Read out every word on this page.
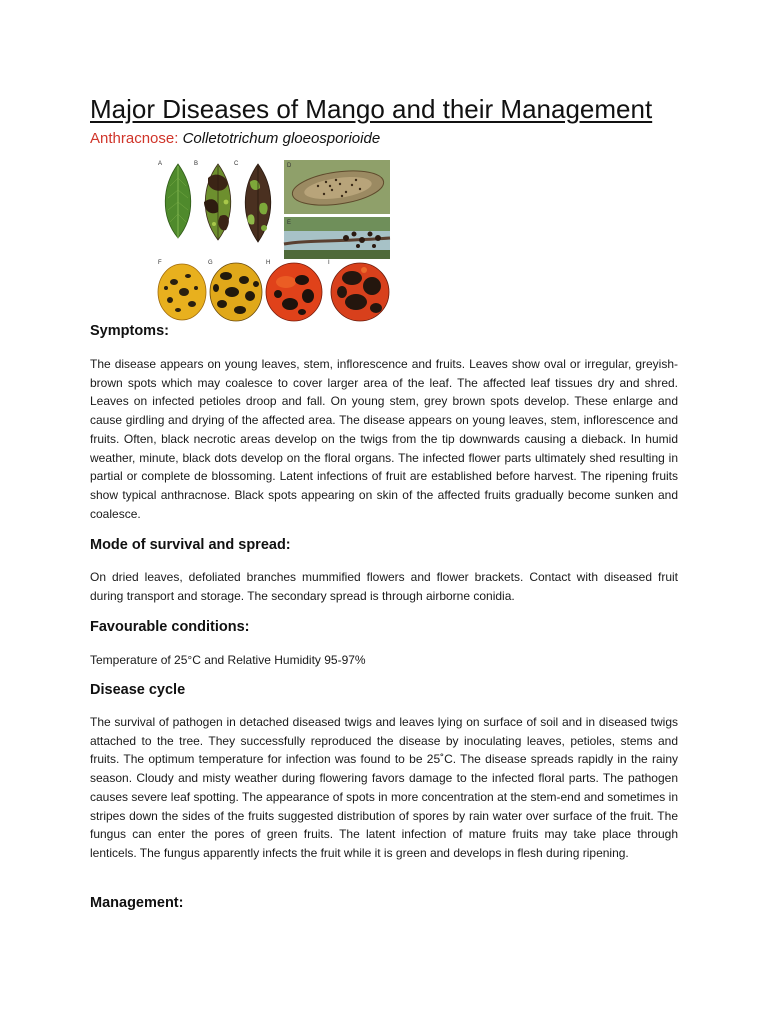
Major Diseases of Mango and their Management

Anthracnose: Colletotrichum gloeosporioide

A	B	C	D
E
F	G	H	I
Symptoms:

The disease appears on young leaves, stem, inflorescence and fruits. Leaves show oval or irregular, greyish-brown spots which may coalesce to cover larger area of the leaf. The affected leaf tissues dry and shred. Leaves on infected petioles droop and fall. On young stem, grey brown spots develop. These enlarge and cause girdling and drying of the affected area. The disease appears on young leaves, stem, inflorescence and fruits. Often, black necrotic areas develop on the twigs from the tip downwards causing a dieback. In humid weather, minute, black dots develop on the floral organs. The infected flower parts ultimately shed resulting in partial or complete de blossoming. Latent infections of fruit are established before harvest. The ripening fruits show typical anthracnose. Black spots appearing on skin of the affected fruits gradually become sunken and coalesce.

Mode of survival and spread:

On dried leaves, defoliated branches mummified flowers and flower brackets. Contact with diseased fruit during transport and storage. The secondary spread is through airborne conidia.

Favourable conditions:

Temperature of 25°C and Relative Humidity 95-97%

Disease cycle

The survival of pathogen in detached diseased twigs and leaves lying on surface of soil and in diseased twigs attached to the tree. They successfully reproduced the disease by inoculating leaves, petioles, stems and fruits. The optimum temperature for infection was found to be 25˚C. The disease spreads rapidly in the rainy season. Cloudy and misty weather during flowering favors damage to the infected floral parts. The pathogen causes severe leaf spotting. The appearance of spots in more concentration at the stem-end and sometimes in stripes down the sides of the fruits suggested distribution of spores by rain water over surface of the fruit. The fungus can enter the pores of green fruits. The latent infection of mature fruits may take place through lenticels. The fungus apparently infects the fruit while it is green and develops in flesh during ripening.

Management:
